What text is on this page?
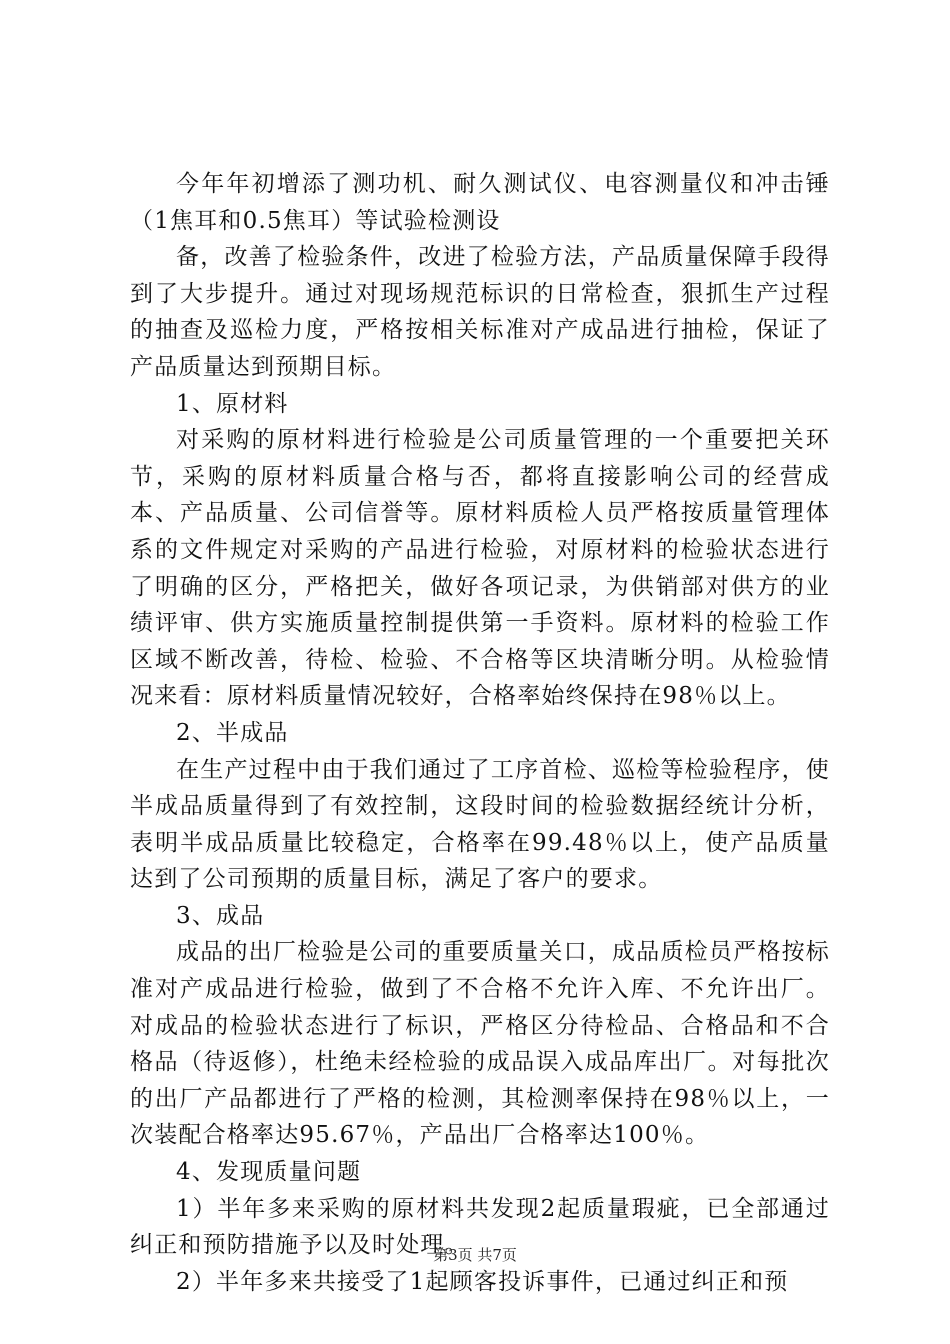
今年年初增添了测功机、耐久测试仪、电容测量仪和冲击锤（1焦耳和0.5焦耳）等试验检测设

备，改善了检验条件，改进了检验方法，产品质量保障手段得到了大步提升。通过对现场规范标识的日常检查，狠抓生产过程的抽查及巡检力度，严格按相关标准对产成品进行抽检，保证了产品质量达到预期目标。

1、原材料

对采购的原材料进行检验是公司质量管理的一个重要把关环节，采购的原材料质量合格与否，都将直接影响公司的经营成本、产品质量、公司信誉等。原材料质检人员严格按质量管理体系的文件规定对采购的产品进行检验，对原材料的检验状态进行了明确的区分，严格把关，做好各项记录，为供销部对供方的业绩评审、供方实施质量控制提供第一手资料。原材料的检验工作区域不断改善，待检、检验、不合格等区块清晰分明。从检验情况来看：原材料质量情况较好，合格率始终保持在98％以上。

2、半成品

在生产过程中由于我们通过了工序首检、巡检等检验程序，使半成品质量得到了有效控制，这段时间的检验数据经统计分析，表明半成品质量比较稳定，合格率在99.48％以上，使产品质量达到了公司预期的质量目标，满足了客户的要求。

3、成品

成品的出厂检验是公司的重要质量关口，成品质检员严格按标准对产成品进行检验，做到了不合格不允许入库、不允许出厂。对成品的检验状态进行了标识，严格区分待检品、合格品和不合格品（待返修），杜绝未经检验的成品误入成品库出厂。对每批次的出厂产品都进行了严格的检测，其检测率保持在98％以上，一次装配合格率达95.67％，产品出厂合格率达100％。

4、发现质量问题

1）半年多来采购的原材料共发现2起质量瑕疵，已全部通过纠正和预防措施予以及时处理。

2）半年多来共接受了1起顾客投诉事件，已通过纠正和预

第3页 共7页
